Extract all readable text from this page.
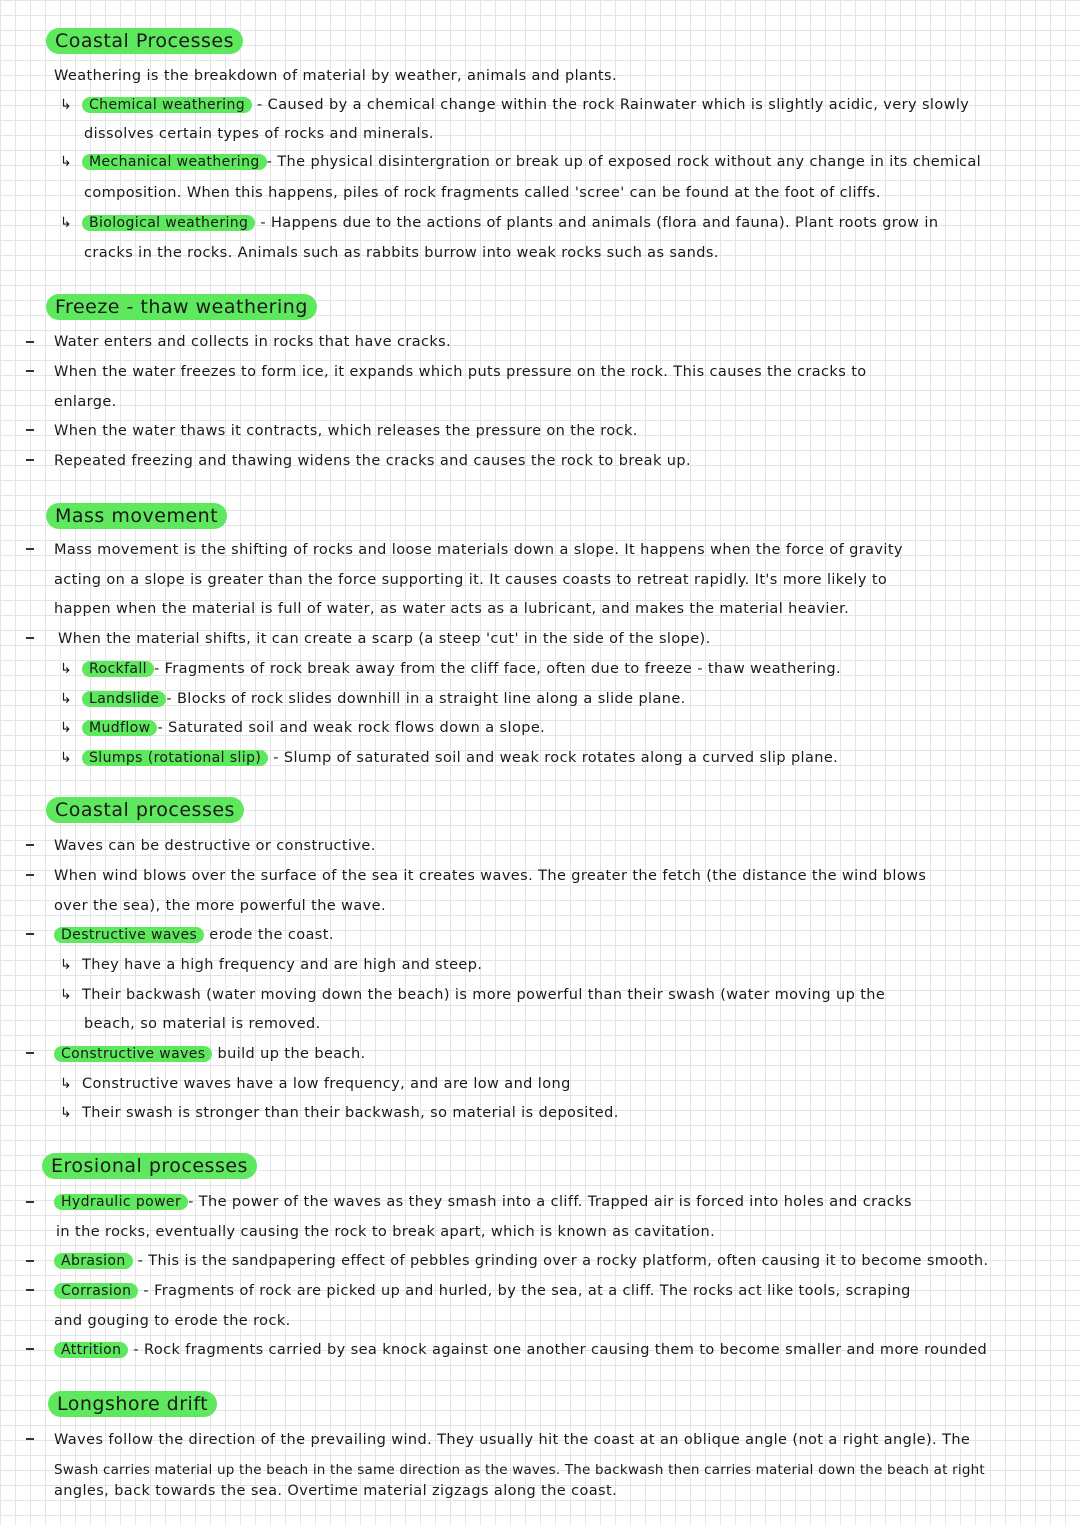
Coastal Processes
Weathering is the breakdown of material by weather, animals and plants.
↳ Chemical weathering - Caused by a chemical change within the rock Rainwater which is slightly acidic, very slowly
dissolves certain types of rocks and minerals.
↳ Mechanical weathering - The physical disintergration or break up of exposed rock without any change in its chemical
composition. When this happens, piles of rock fragments called 'scree' can be found at the foot of cliffs.
↳ Biological weathering - Happens due to the actions of plants and animals (flora and fauna). Plant roots grow in
cracks in the rocks. Animals such as rabbits burrow into weak rocks such as sands.
Freeze - thaw weathering
Water enters and collects in rocks that have cracks.
When the water freezes to form ice, it expands which puts pressure on the rock. This causes the cracks to
enlarge.
When the water thaws it contracts, which releases the pressure on the rock.
Repeated freezing and thawing widens the cracks and causes the rock to break up.
Mass movement
Mass movement is the shifting of rocks and loose materials down a slope. It happens when the force of gravity
acting on a slope is greater than the force supporting it. It causes coasts to retreat rapidly. It's more likely to
happen when the material is full of water, as water acts as a lubricant, and makes the material heavier.
When the material shifts, it can create a scarp (a steep 'cut' in the side of the slope).
↳ Rockfall - Fragments of rock break away from the cliff face, often due to freeze - thaw weathering.
↳ Landslide - Blocks of rock slides downhill in a straight line along a slide plane.
↳ Mudflow - Saturated soil and weak rock flows down a slope.
↳ Slumps (rotational slip) - Slump of saturated soil and weak rock rotates along a curved slip plane.
Coastal processes
Waves can be destructive or constructive.
When wind blows over the surface of the sea it creates waves. The greater the fetch (the distance the wind blows
over the sea), the more powerful the wave.
Destructive waves erode the coast.
↳ They have a high frequency and are high and steep.
↳ Their backwash (water moving down the beach) is more powerful than their swash (water moving up the
beach, so material is removed.
Constructive waves build up the beach.
↳ Constructive waves have a low frequency, and are low and long
↳ Their swash is stronger than their backwash, so material is deposited.
Erosional processes
Hydraulic power - The power of the waves as they smash into a cliff. Trapped air is forced into holes and cracks
in the rocks, eventually causing the rock to break apart, which is known as cavitation.
Abrasion - This is the sandpapering effect of pebbles grinding over a rocky platform, often causing it to become smooth.
Corrasion - Fragments of rock are picked up and hurled, by the sea, at a cliff. The rocks act like tools, scraping
and gouging to erode the rock.
Attrition - Rock fragments carried by sea knock against one another causing them to become smaller and more rounded
Longshore drift
Waves follow the direction of the prevailing wind. They usually hit the coast at an oblique angle (not a right angle). The
Swash carries material up the beach in the same direction as the waves. The backwash then carries material down the beach at right
angles, back towards the sea. Overtime material zigzags along the coast.
